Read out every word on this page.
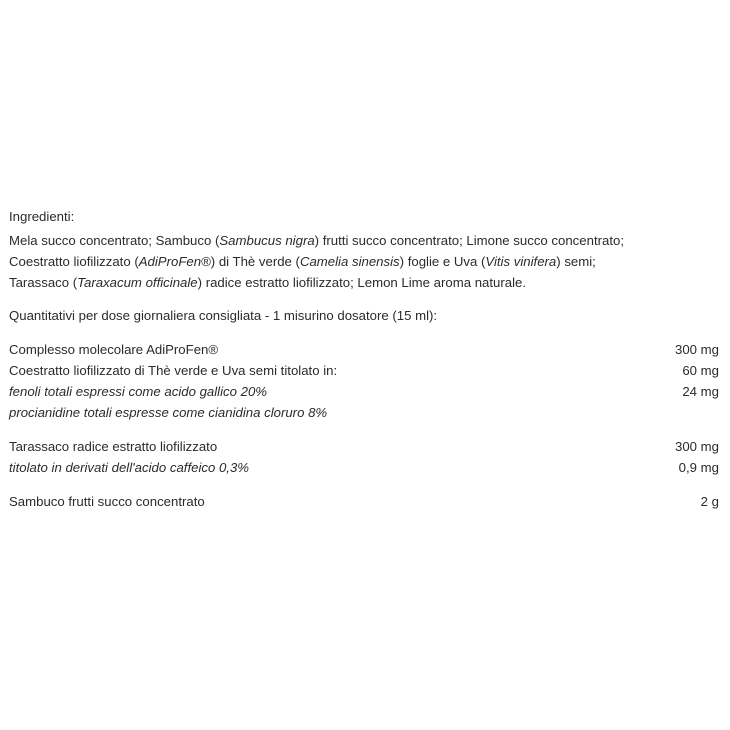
Ingredienti:
Mela succo concentrato; Sambuco (Sambucus nigra) frutti succo concentrato; Limone succo concentrato;
Coestratto liofilizzato (AdiProFen®) di Thè verde (Camelia sinensis) foglie e Uva (Vitis vinifera) semi;
Tarassaco (Taraxacum officinale) radice estratto liofilizzato; Lemon Lime aroma naturale.
Quantitativi per dose giornaliera consigliata - 1 misurino dosatore (15 ml):
Complesso molecolare AdiProFen®	300 mg
Coestratto liofilizzato di Thè verde e Uva semi titolato in:	60 mg
fenoli totali espressi come acido gallico 20%	24 mg
procianidine totali espresse come cianidina cloruro 8%
Tarassaco radice estratto liofilizzato	300 mg
titolato in derivati dell'acido caffeico 0,3%	0,9 mg
Sambuco frutti succo concentrato	2 g
